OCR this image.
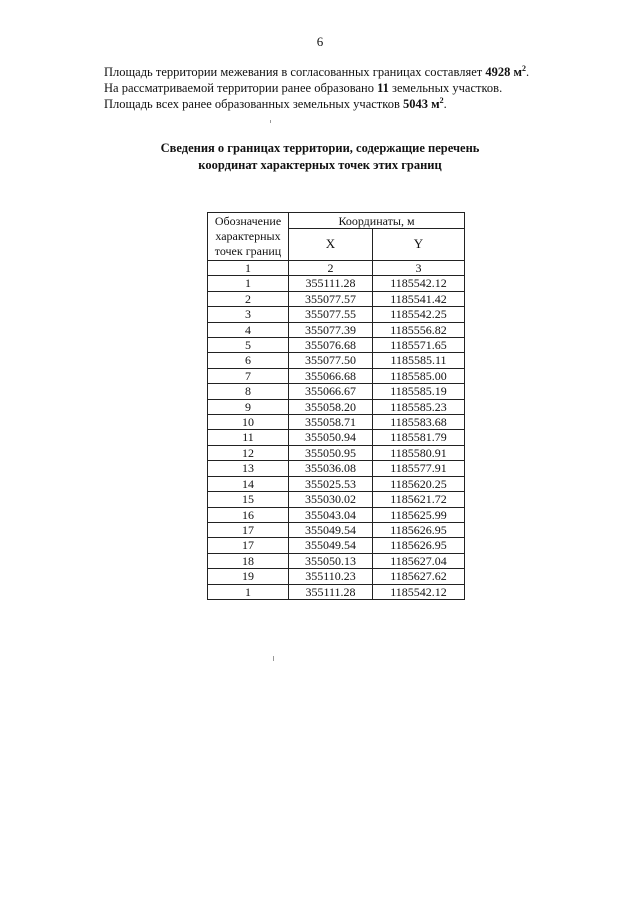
6

Площадь территории межевания в согласованных границах составляет 4928 $м^2$.

На рассматриваемой территории ранее образовано 11 земельных участков.

Площадь всех ранее образованных земельных участков 5043 $м^2$.

Сведения о границах территории, содержащие перечень
координат характерных точек этих границ
Обозначение характерных точек границ	Координаты, м	
	X	Y
1	2	3
1	355111.28	1185542.12
2	355077.57	1185541.42
3	355077.55	1185542.25
4	355077.39	1185556.82
5	355076.68	1185571.65
6	355077.50	1185585.11
7	355066.68	1185585.00
8	355066.67	1185585.19
9	355058.20	1185585.23
10	355058.71	1185583.68
11	355050.94	1185581.79
12	355050.95	1185580.91
13	355036.08	1185577.91
14	355025.53	1185620.25
15	355030.02	1185621.72
16	355043.04	1185625.99
17	355049.54	1185626.95
17	355049.54	1185626.95
18	355050.13	1185627.04
19	355110.23	1185627.62
1	355111.28	1185542.12
